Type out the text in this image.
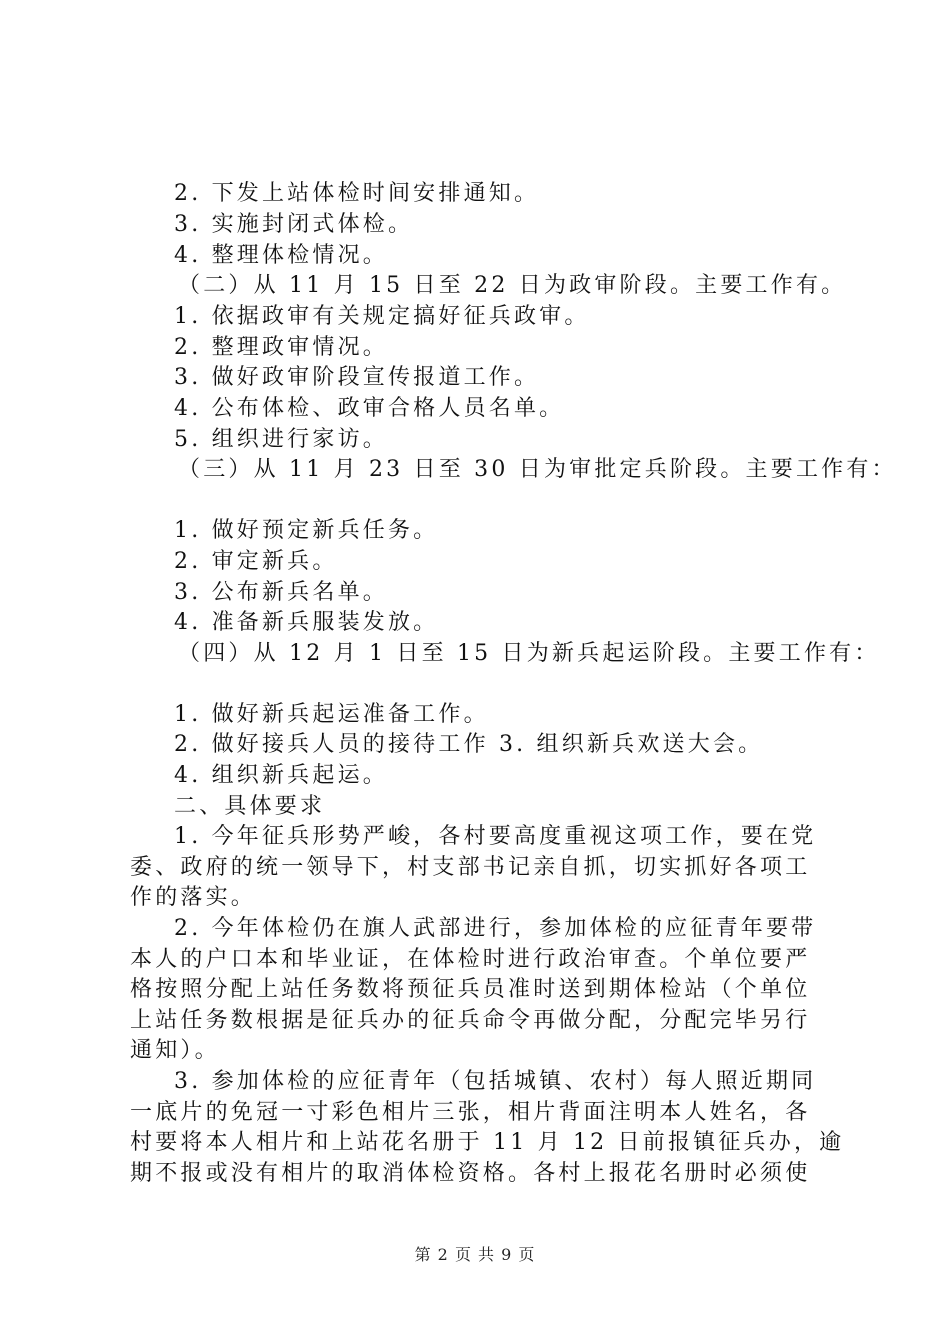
2. 下发上站体检时间安排通知。
3. 实施封闭式体检。
4. 整理体检情况。
（二）从 11 月 15 日至 22 日为政审阶段。主要工作有。
1. 依据政审有关规定搞好征兵政审。
2. 整理政审情况。
3. 做好政审阶段宣传报道工作。
4. 公布体检、政审合格人员名单。
5. 组织进行家访。
（三）从 11 月 23 日至 30 日为审批定兵阶段。主要工作有：
1. 做好预定新兵任务。
2. 审定新兵。
3. 公布新兵名单。
4. 准备新兵服装发放。
（四）从 12 月 1 日至 15 日为新兵起运阶段。主要工作有：
1. 做好新兵起运准备工作。
2. 做好接兵人员的接待工作 3. 组织新兵欢送大会。
4. 组织新兵起运。
二、具体要求
1. 今年征兵形势严峻，各村要高度重视这项工作，要在党
委、政府的统一领导下，村支部书记亲自抓，切实抓好各项工
作的落实。
2. 今年体检仍在旗人武部进行，参加体检的应征青年要带
本人的户口本和毕业证，在体检时进行政治审查。个单位要严
格按照分配上站任务数将预征兵员准时送到期体检站（个单位
上站任务数根据是征兵办的征兵命令再做分配，分配完毕另行
通知）。
3. 参加体检的应征青年（包括城镇、农村）每人照近期同
一底片的免冠一寸彩色相片三张，相片背面注明本人姓名，各
村要将本人相片和上站花名册于 11 月 12 日前报镇征兵办，逾
期不报或没有相片的取消体检资格。各村上报花名册时必须使
第 2 页 共 9 页
